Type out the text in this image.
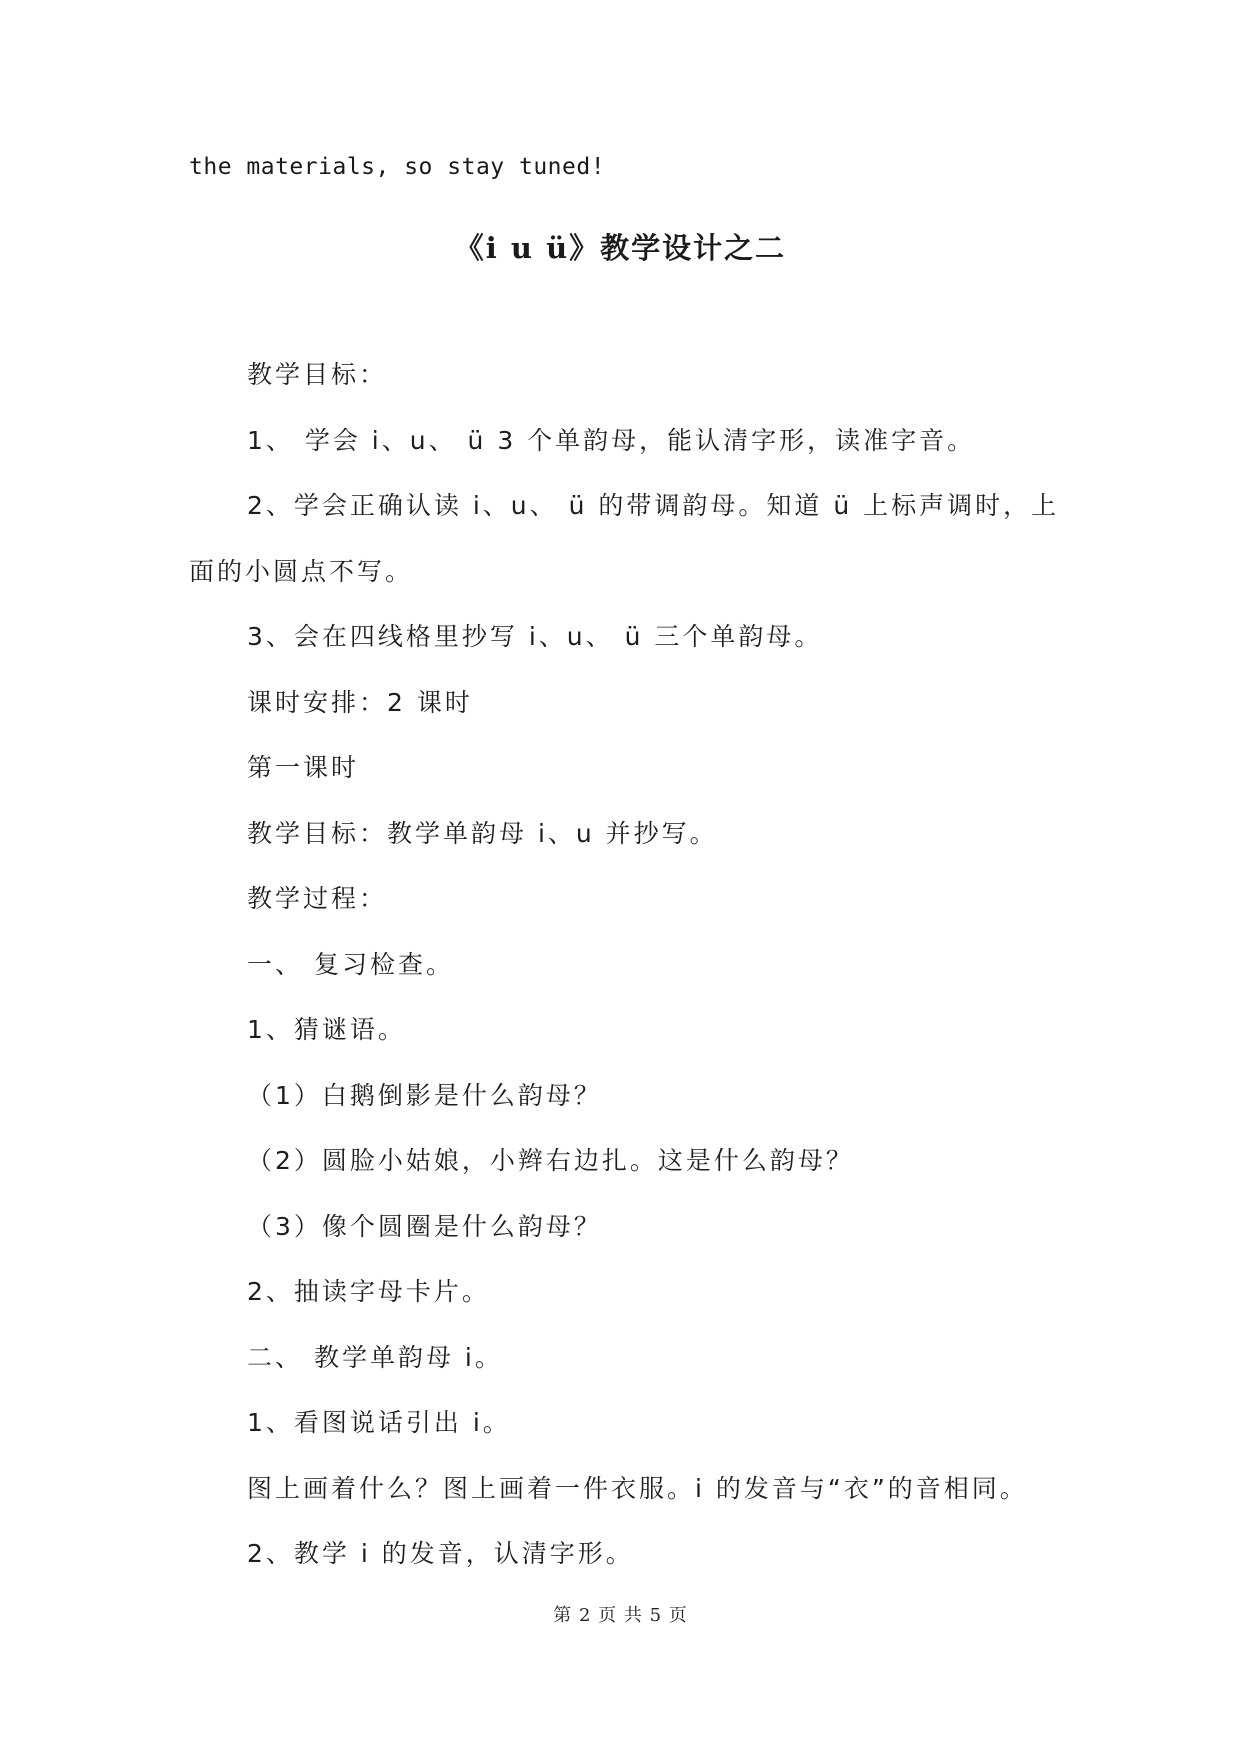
the materials, so stay tuned!
《i u ü》教学设计之二
教学目标：
1、 学会 i、u、 ü 3 个单韵母，能认清字形，读准字音。
2、学会正确认读 i、u、 ü 的带调韵母。知道 ü 上标声调时，上
面的小圆点不写。
3、会在四线格里抄写 i、u、 ü 三个单韵母。
课时安排：2 课时
第一课时
教学目标：教学单韵母 i、u 并抄写。
教学过程：
一、 复习检查。
1、猜谜语。
（1）白鹅倒影是什么韵母？
（2）圆脸小姑娘，小辫右边扎。这是什么韵母？
（3）像个圆圈是什么韵母？
2、抽读字母卡片。
二、 教学单韵母 i。
1、看图说话引出 i。
图上画着什么？图上画着一件衣服。i 的发音与“衣”的音相同。
2、教学 i 的发音，认清字形。
第 2 页 共 5 页
